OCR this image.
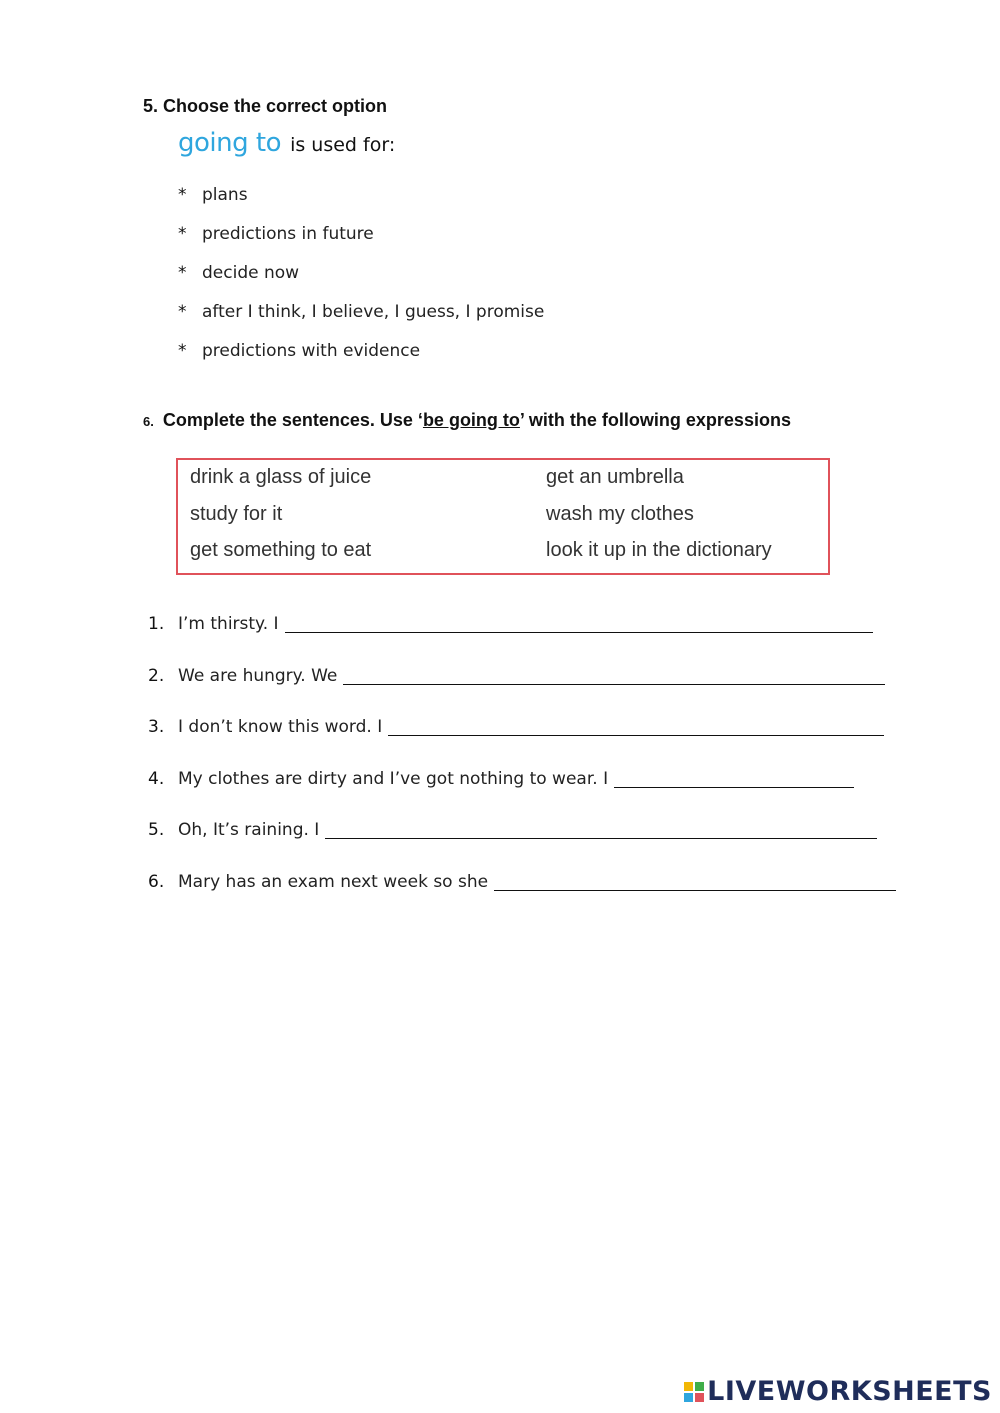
5. Choose the correct option
going to is used for:
* plans
* predictions in future
* decide now
* after I think, I believe, I guess, I promise
* predictions with evidence
6. Complete the sentences. Use ‘be going to’ with the following expressions
drink a glass of juice
study for it
get something to eat
get an umbrella
wash my clothes
look it up in the dictionary
1. I’m thirsty. I
2. We are hungry. We
3. I don’t know this word. I
4. My clothes are dirty and I’ve got nothing to wear. I
5. Oh, It’s raining. I
6. Mary has an exam next week so she
LIVEWORKSHEETS
